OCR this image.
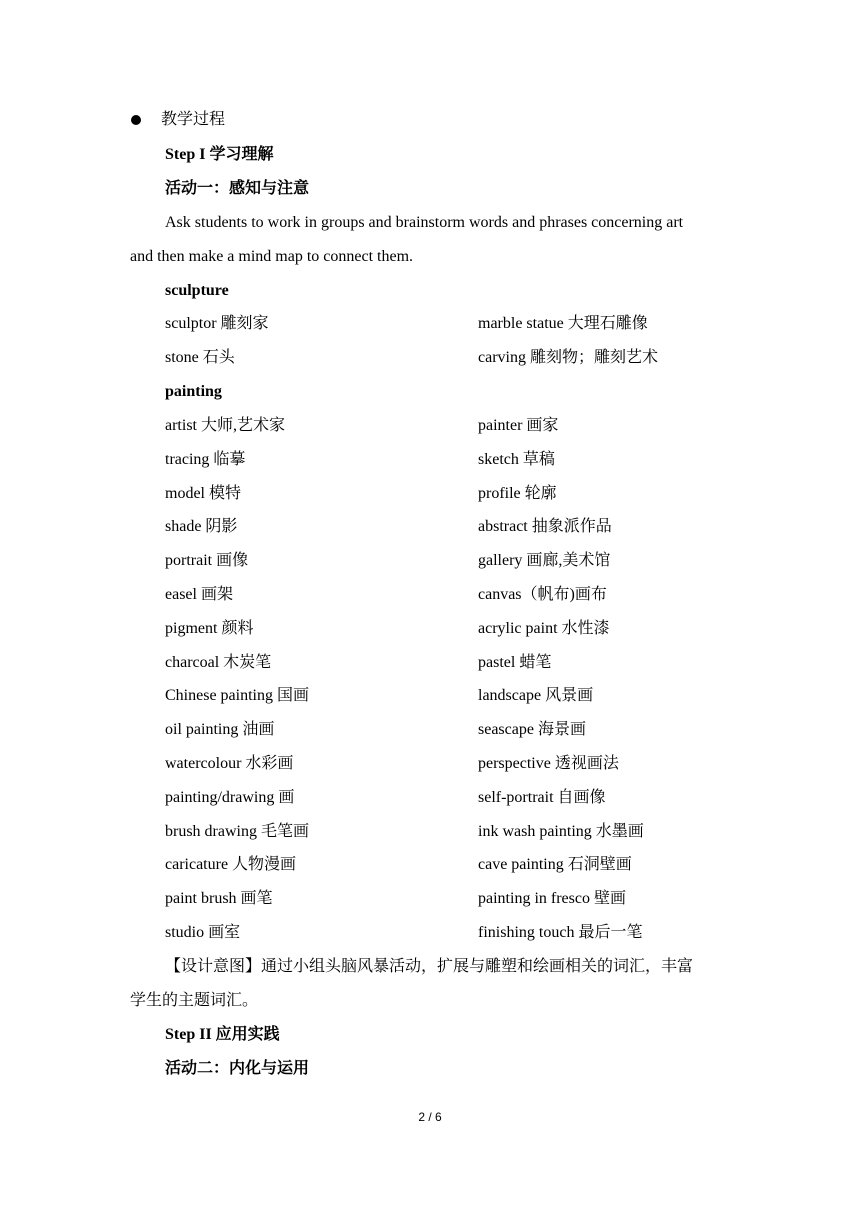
教学过程
Step I 学习理解
活动一：感知与注意
Ask students to work in groups and brainstorm words and phrases concerning art
and then make a mind map to connect them.
sculpture
sculptor 雕刻家	marble statue 大理石雕像
stone 石头	carving 雕刻物；雕刻艺术
painting
artist 大师,艺术家	painter 画家
tracing 临摹	sketch 草稿
model 模特	profile 轮廓
shade 阴影	abstract 抽象派作品
portrait 画像	gallery 画廊,美术馆
easel 画架	canvas（帆布)画布
pigment 颜料	acrylic paint 水性漆
charcoal 木炭笔	pastel 蜡笔
Chinese painting 国画	landscape 风景画
oil painting 油画	seascape 海景画
watercolour 水彩画	perspective 透视画法
painting/drawing 画	self-portrait 自画像
brush drawing 毛笔画	ink wash painting 水墨画
caricature 人物漫画	cave painting 石洞壁画
paint brush 画笔	painting in fresco 壁画
studio 画室	finishing touch 最后一笔
【设计意图】通过小组头脑风暴活动，扩展与雕塑和绘画相关的词汇，丰富
学生的主题词汇。
Step II 应用实践
活动二：内化与运用
2 / 6
